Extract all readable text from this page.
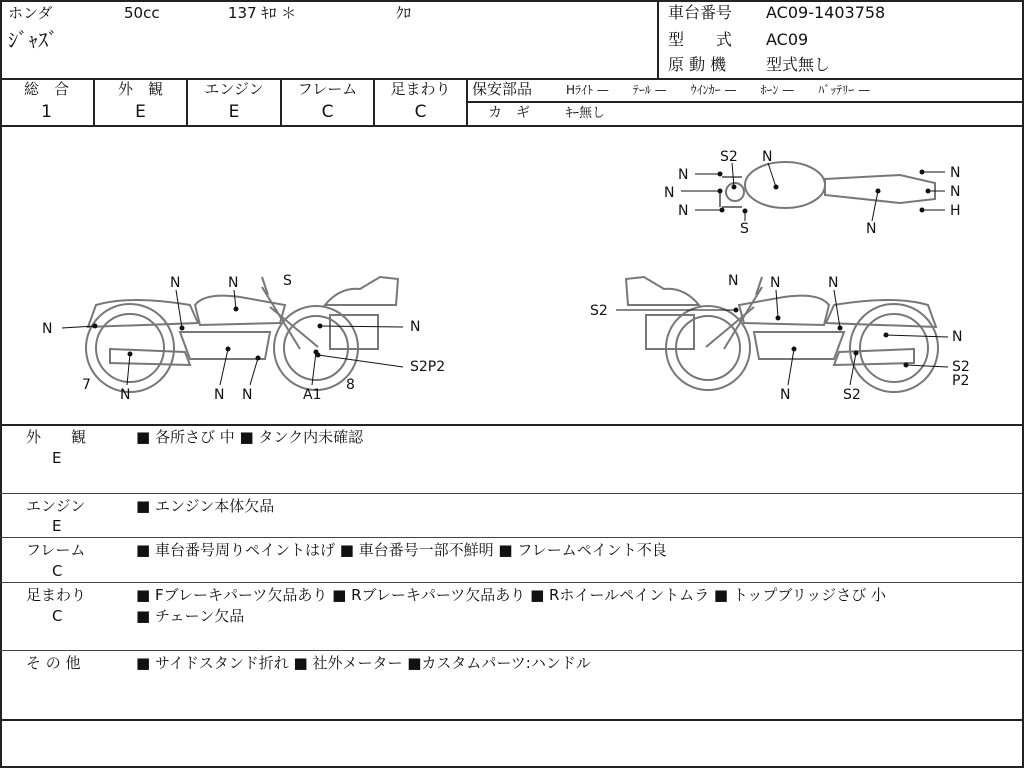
ホンダ	50cc	137 ｷﾛ ＊	ｸﾛ
ｼﾞｬｽﾞ
車台番号 AC09-1403758
型　　式 AC09
原 動 機 型式無し
総　合
1
外　観
E
エンジン
E
フレーム
C
足まわり
C
保安部品	Hﾗｲﾄ —　　ﾃｰﾙ —　　ｳｲﾝｶｰ —　　ﾎｰﾝ —　　ﾊﾞｯﾃﾘｰ —
カ　ギ	ｷｰ無し
N
N	N	S
N
S2P2
7
N	N N	A1
8
N N	N
S2
N
S2
P2
N	S2
S2 N
N
N
N
S	N
N
N
H
外　　観
E
■ 各所さび 中 ■ タンク内未確認
エンジン
E
■ エンジン本体欠品
フレーム
C
■ 車台番号周りペイントはげ ■ 車台番号一部不鮮明 ■ フレームペイント不良
足まわり
C
■ Fブレーキパーツ欠品あり ■ Rブレーキパーツ欠品あり ■ Rホイールペイントムラ ■ トップブリッジさび 小
■ チェーン欠品
そ の 他	■ サイドスタンド折れ ■ 社外メーター ■カスタムパーツ:ハンドル
